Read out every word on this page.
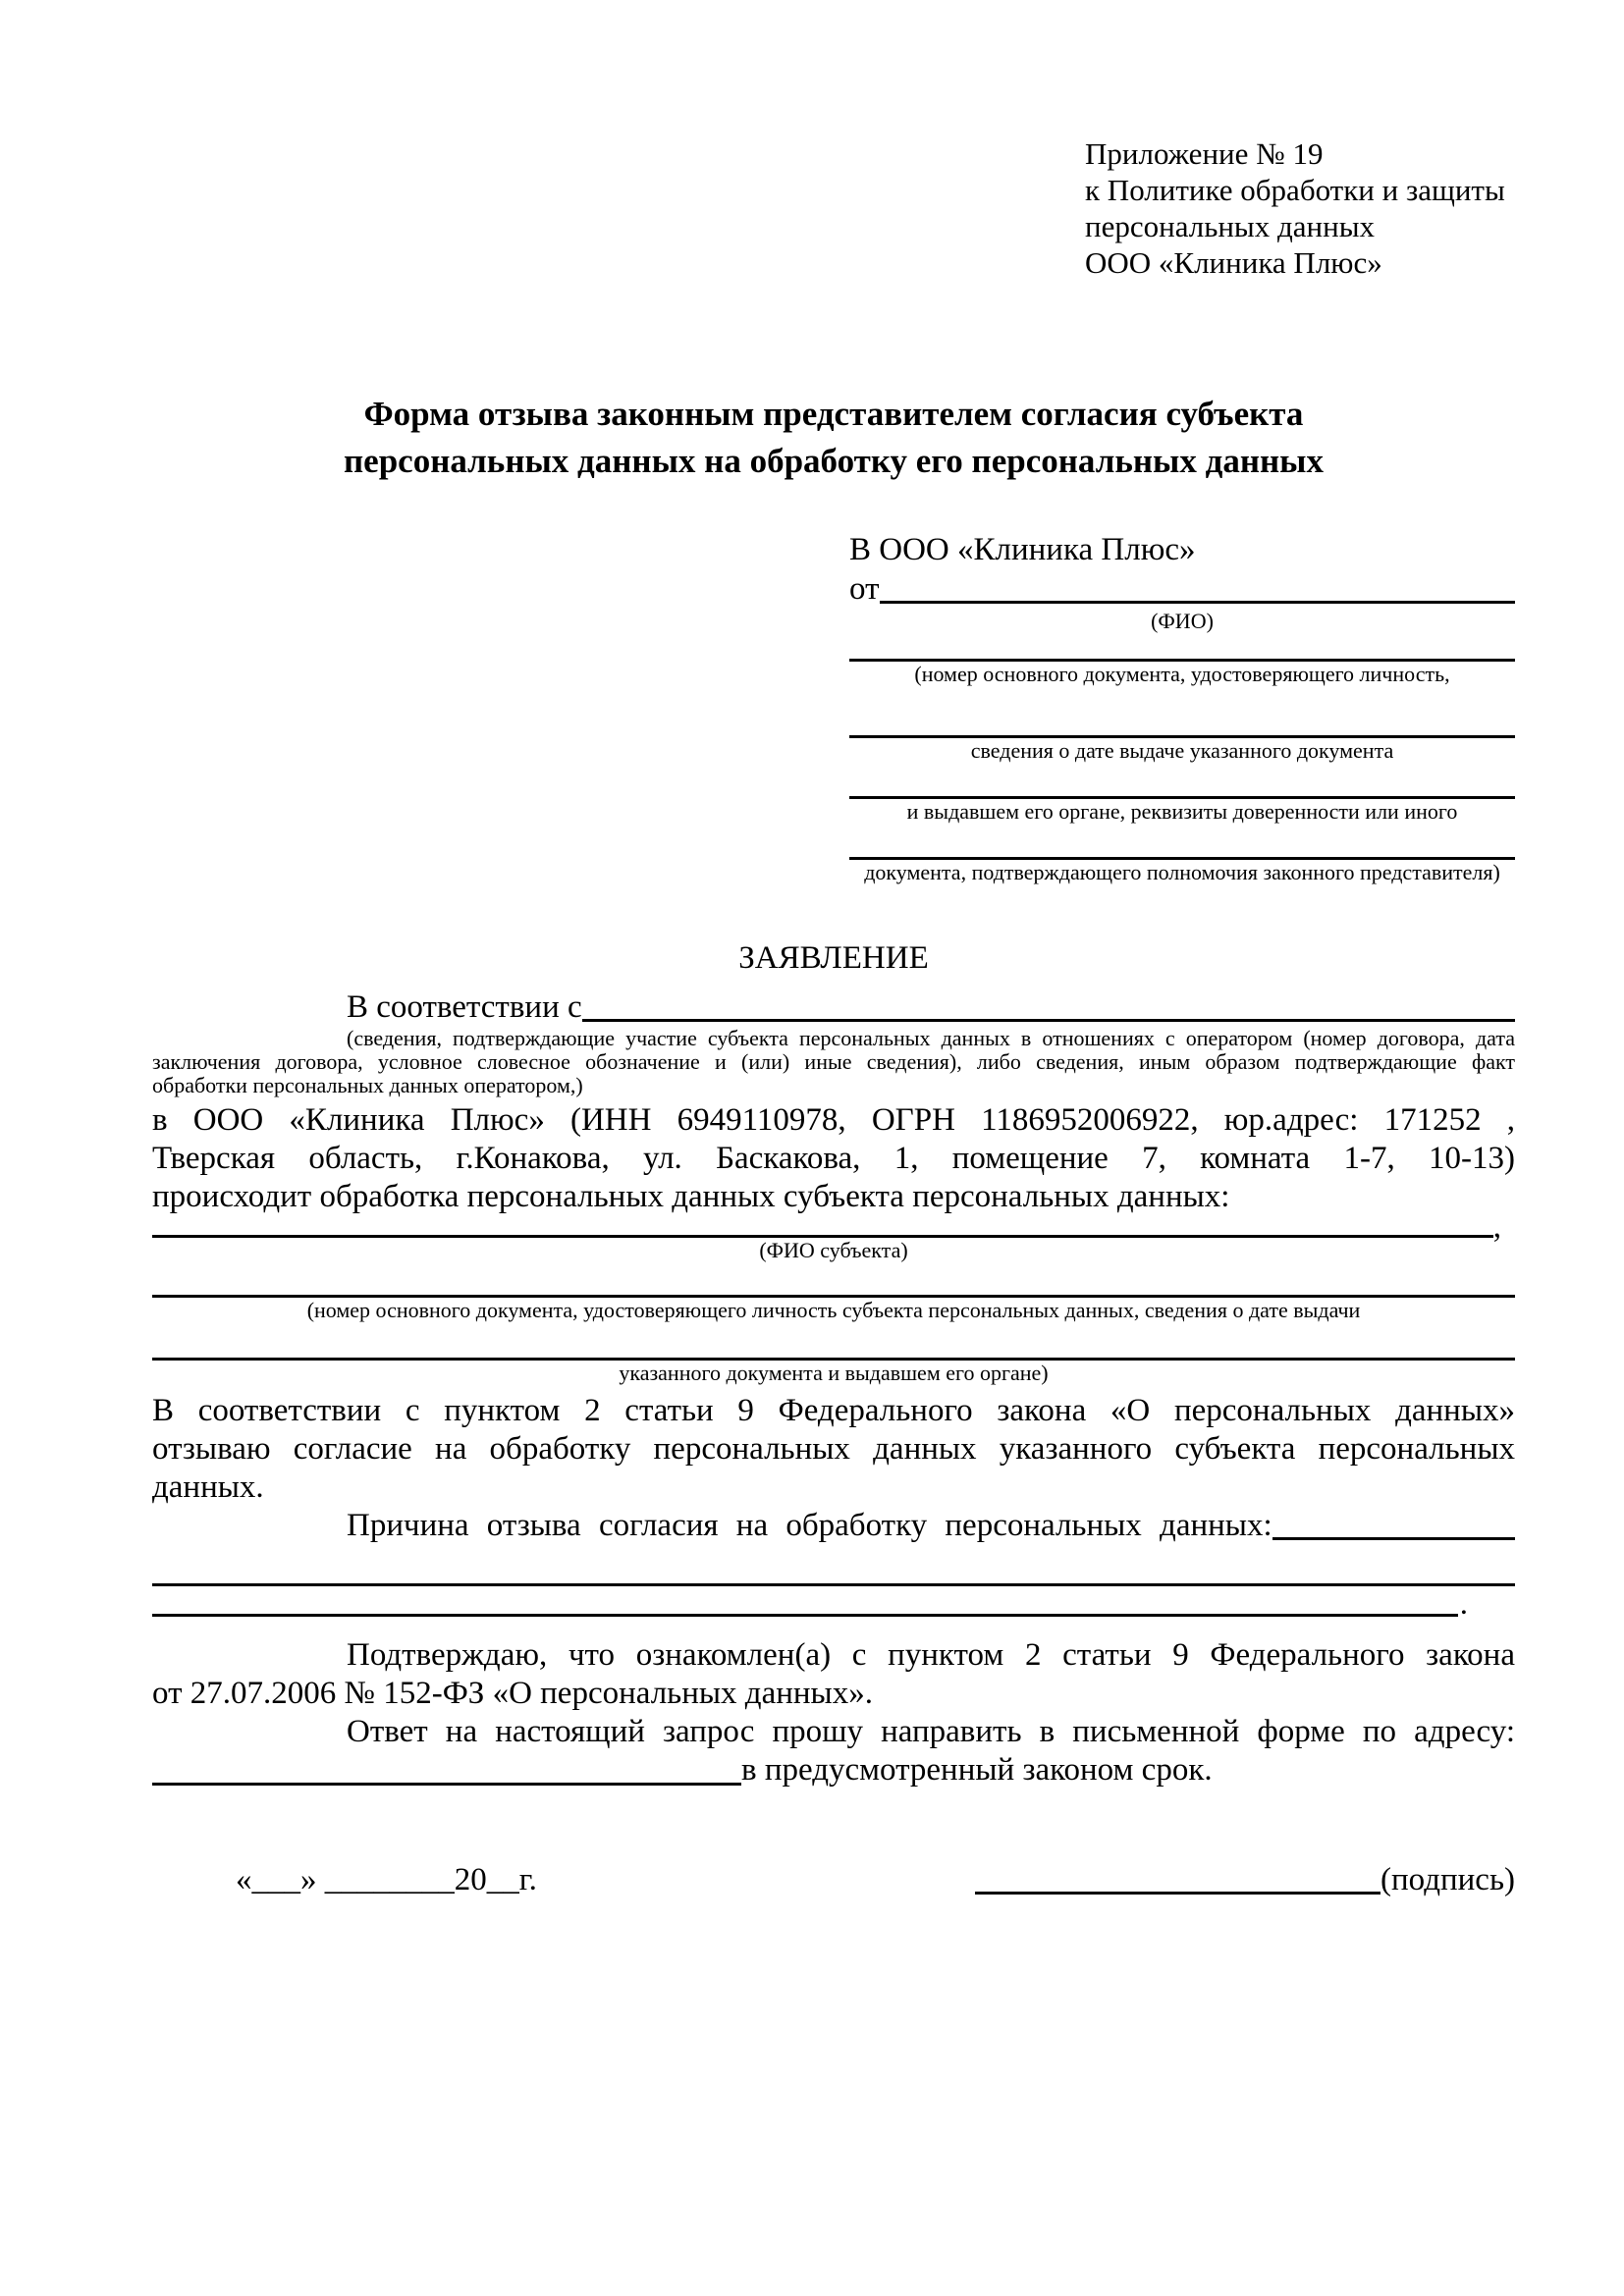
Приложение № 19
к Политике обработки и защиты
персональных данных
ООО «Клиника Плюс»
Форма отзыва законным представителем согласия субъекта персональных данных на обработку его персональных данных
В ООО «Клиника Плюс»
от
(ФИО)
(номер основного документа, удостоверяющего личность,
сведения о дате выдаче указанного документа
и выдавшем его органе, реквизиты доверенности или иного
документа, подтверждающего полномочия законного представителя)
ЗАЯВЛЕНИЕ
В соответствии с
(сведения, подтверждающие участие субъекта персональных данных в отношениях с оператором (номер договора, дата
заключения договора, условное словесное обозначение и (или) иные сведения), либо сведения, иным образом подтверждающие факт
обработки персональных данных оператором,)
в ООО «Клиника Плюс» (ИНН 6949110978, ОГРН 1186952006922, юр.адрес: 171252 ,
Тверская область, г.Конакова, ул. Баскакова, 1, помещение 7, комната 1-7, 10-13)
происходит обработка персональных данных субъекта персональных данных:
,
(ФИО субъекта)
(номер основного документа, удостоверяющего личность субъекта персональных данных, сведения о дате выдачи
указанного документа и выдавшем его органе)
В соответствии с пунктом 2 статьи 9 Федерального закона «О персональных данных»
отзываю согласие на обработку персональных данных указанного субъекта персональных
данных.
Причина отзыва согласия на обработку персональных данных:
.
Подтверждаю, что ознакомлен(а) с пунктом 2 статьи 9 Федерального закона
от 27.07.2006 № 152-ФЗ «О персональных данных».
Ответ на настоящий запрос прошу направить в письменной форме по адресу:
в предусмотренный законом срок.
«___» ________20__г.	(подпись)
